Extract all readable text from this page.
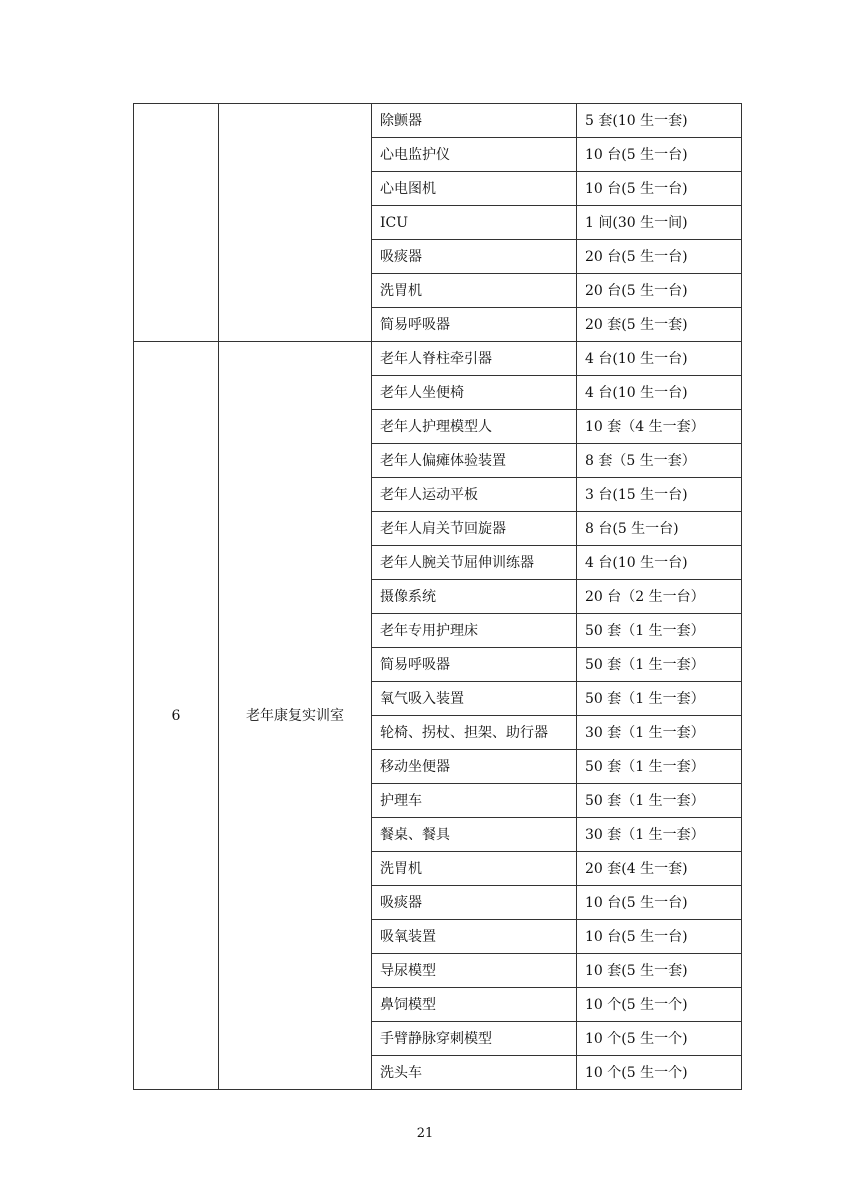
		除颤器	5 套(10 生一套)
		心电监护仪	10 台(5 生一台)
		心电图机	10 台(5 生一台)
		ICU	1 间(30 生一间)
		吸痰器	20 台(5 生一台)
		洗胃机	20 台(5 生一台)
		简易呼吸器	20 套(5 生一套)
6	老年康复实训室	老年人脊柱牵引器	4 台(10 生一台)
		老年人坐便椅	4 台(10 生一台)
		老年人护理模型人	10 套（4 生一套）
		老年人偏瘫体验装置	8 套（5 生一套）
		老年人运动平板	3 台(15 生一台)
		老年人肩关节回旋器	8 台(5 生一台)
		老年人腕关节屈伸训练器	4 台(10 生一台)
		摄像系统	20 台（2 生一台）
		老年专用护理床	50 套（1 生一套）
		简易呼吸器	50 套（1 生一套）
		氧气吸入装置	50 套（1 生一套）
		轮椅、拐杖、担架、助行器	30 套（1 生一套）
		移动坐便器	50 套（1 生一套）
		护理车	50 套（1 生一套）
		餐桌、餐具	30 套（1 生一套）
		洗胃机	20 套(4 生一套)
		吸痰器	10 台(5 生一台)
		吸氧装置	10 台(5 生一台)
		导尿模型	10 套(5 生一套)
		鼻饲模型	10 个(5 生一个)
		手臂静脉穿刺模型	10 个(5 生一个)
		洗头车	10 个(5 生一个)
21
